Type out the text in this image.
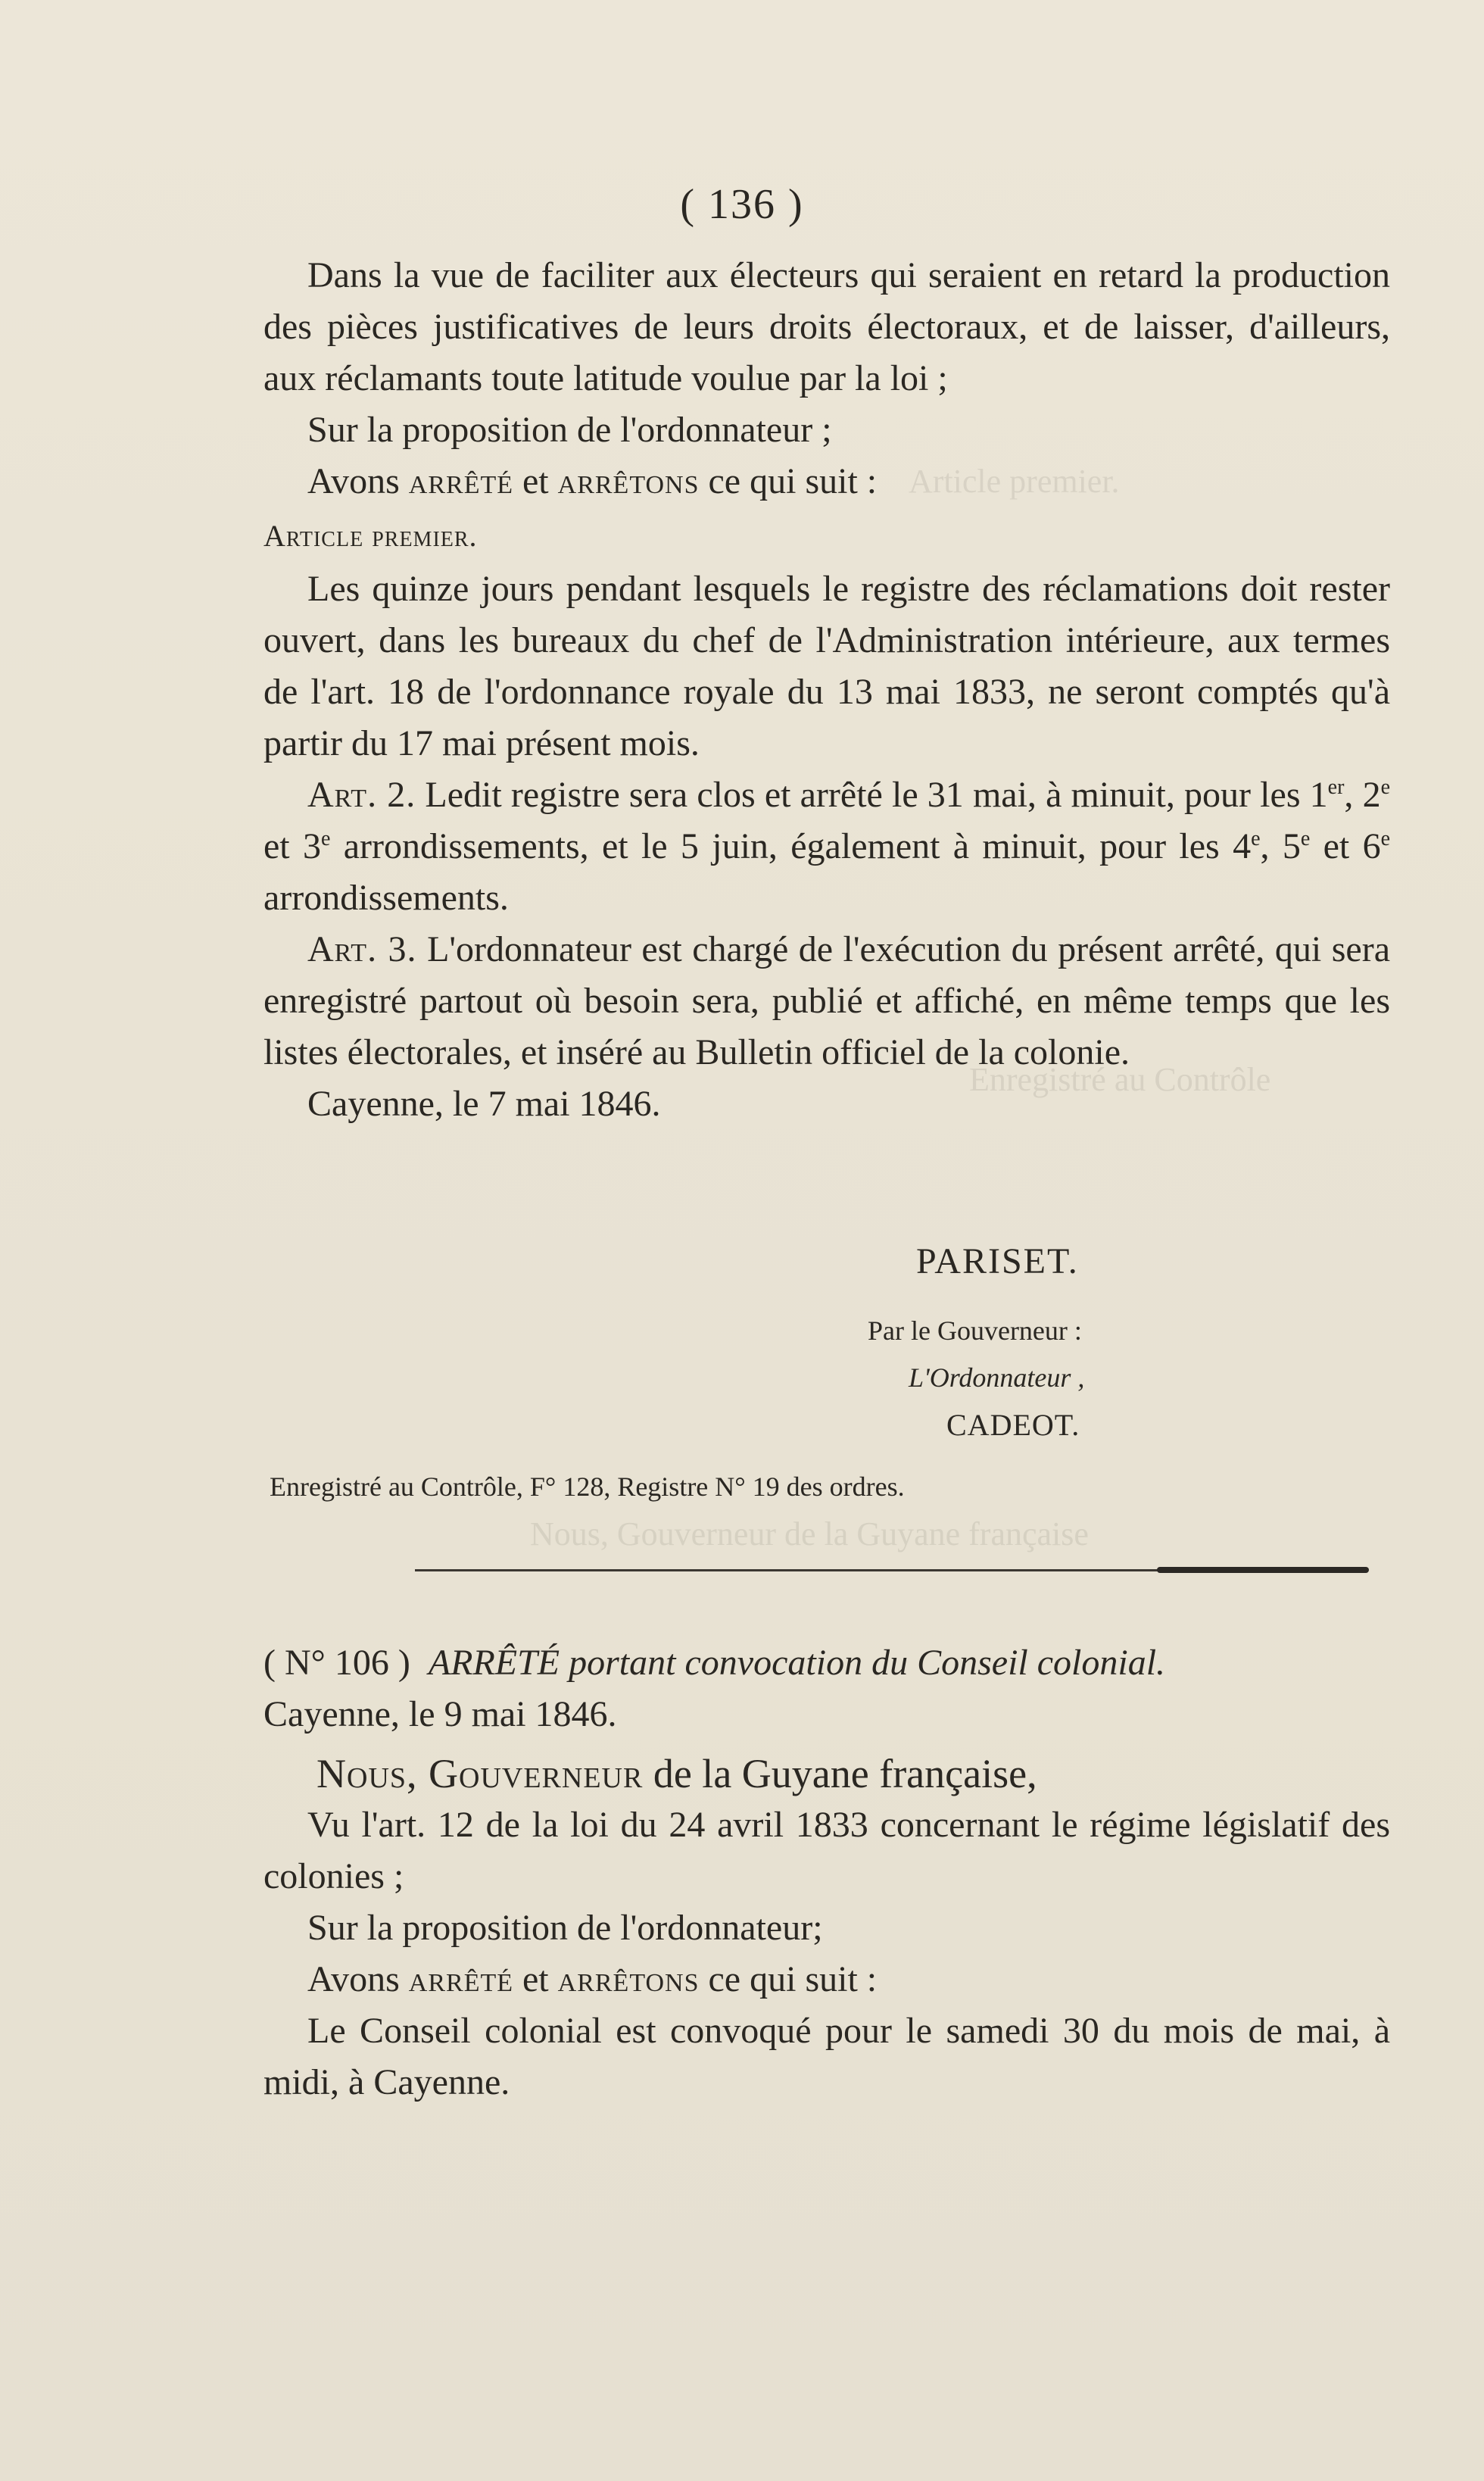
Article premier.
Enregistré au Contrôle
Nous, Gouverneur de la Guyane française
( 136 )

Dans la vue de faciliter aux électeurs qui seraient en retard la production des pièces justificatives de leurs droits électoraux, et de laisser, d'ailleurs, aux réclamants toute latitude voulue par la loi ;

Sur la proposition de l'ordonnateur ;

Avons arrêté et arrêtons ce qui suit :

Article premier.

Les quinze jours pendant lesquels le registre des réclamations doit rester ouvert, dans les bureaux du chef de l'Administration intérieure, aux termes de l'art. 18 de l'ordonnance royale du 13 mai 1833, ne seront comptés qu'à partir du 17 mai présent mois.

Art. 2. Ledit registre sera clos et arrêté le 31 mai, à minuit, pour les 1er, 2e et 3e arrondissements, et le 5 juin, également à minuit, pour les 4e, 5e et 6e arrondissements.

Art. 3. L'ordonnateur est chargé de l'exécution du présent arrêté, qui sera enregistré partout où besoin sera, publié et affiché, en même temps que les listes électorales, et inséré au Bulletin officiel de la colonie.

Cayenne, le 7 mai 1846.

PARISET.
Par le Gouverneur :
L'Ordonnateur ,
CADEOT.
Enregistré au Contrôle, F° 128, Registre N° 19 des ordres.

( N° 106 ) ARRÊTÉ portant convocation du Conseil colonial.

Cayenne, le 9 mai 1846.

Nous, Gouverneur de la Guyane française,

Vu l'art. 12 de la loi du 24 avril 1833 concernant le régime législatif des colonies ;

Sur la proposition de l'ordonnateur;

Avons arrêté et arrêtons ce qui suit :

Le Conseil colonial est convoqué pour le samedi 30 du mois de mai, à midi, à Cayenne.
